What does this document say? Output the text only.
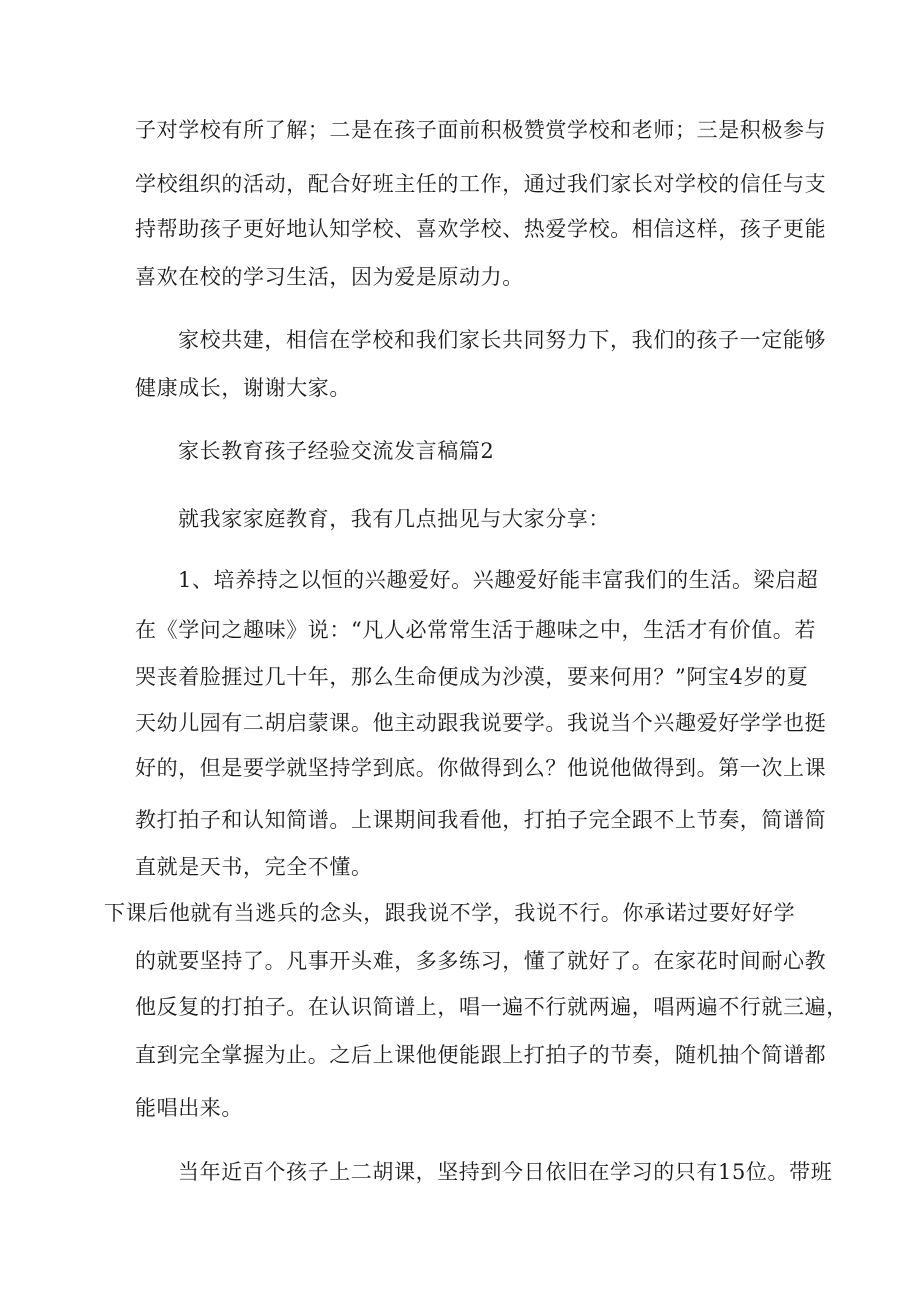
子对学校有所了解；二是在孩子面前积极赞赏学校和老师；三是积极参与
学校组织的活动，配合好班主任的工作，通过我们家长对学校的信任与支
持帮助孩子更好地认知学校、喜欢学校、热爱学校。相信这样，孩子更能
喜欢在校的学习生活，因为爱是原动力。
家校共建，相信在学校和我们家长共同努力下，我们的孩子一定能够
健康成长，谢谢大家。
家长教育孩子经验交流发言稿篇2
就我家家庭教育，我有几点拙见与大家分享：
1、培养持之以恒的兴趣爱好。兴趣爱好能丰富我们的生活。梁启超
在《学问之趣味》说：“凡人必常常生活于趣味之中，生活才有价值。若
哭丧着脸捱过几十年，那么生命便成为沙漠，要来何用？”阿宝4岁的夏
天幼儿园有二胡启蒙课。他主动跟我说要学。我说当个兴趣爱好学学也挺
好的，但是要学就坚持学到底。你做得到么？他说他做得到。第一次上课
教打拍子和认知简谱。上课期间我看他，打拍子完全跟不上节奏，简谱简
直就是天书，完全不懂。
下课后他就有当逃兵的念头，跟我说不学，我说不行。你承诺过要好好学
的就要坚持了。凡事开头难，多多练习，懂了就好了。在家花时间耐心教
他反复的打拍子。在认识简谱上，唱一遍不行就两遍，唱两遍不行就三遍，
直到完全掌握为止。之后上课他便能跟上打拍子的节奏，随机抽个简谱都
能唱出来。
当年近百个孩子上二胡课，坚持到今日依旧在学习的只有15位。带班
